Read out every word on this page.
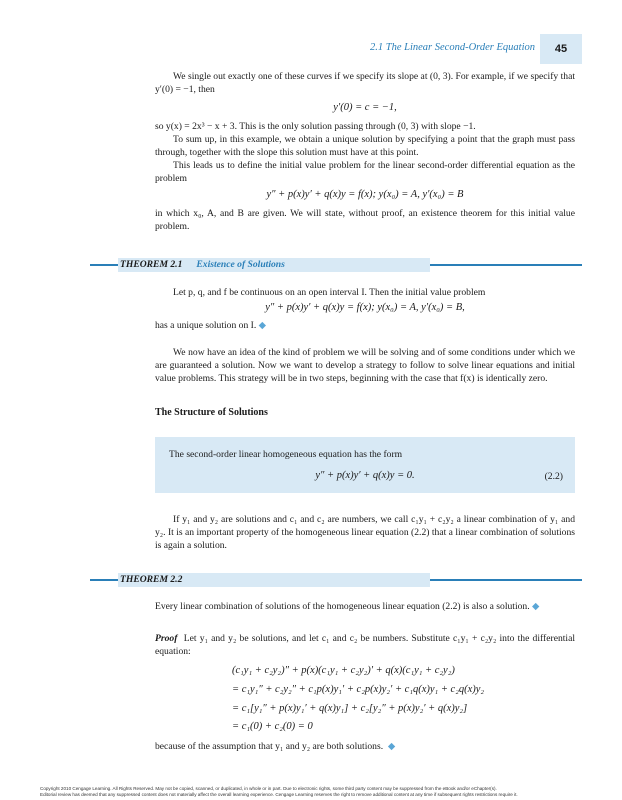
2.1 The Linear Second-Order Equation 45

We single out exactly one of these curves if we specify its slope at (0, 3). For example, if we specify that y′(0) = −1, then

y′(0) = c = −1,

so y(x) = 2x³ − x + 3. This is the only solution passing through (0, 3) with slope −1.

To sum up, in this example, we obtain a unique solution by specifying a point that the graph must pass through, together with the slope this solution must have at this point.

This leads us to define the initial value problem for the linear second-order differential equation as the problem

y″ + p(x)y′ + q(x)y = f(x); y(x₀) = A, y′(x₀) = B

in which x₀, A, and B are given. We will state, without proof, an existence theorem for this initial value problem.

THEOREM 2.1 Existence of Solutions

Let p, q, and f be continuous on an open interval I. Then the initial value problem

y″ + p(x)y′ + q(x)y = f(x); y(x₀) = A, y′(x₀) = B,

has a unique solution on I. ◆

We now have an idea of the kind of problem we will be solving and of some conditions under which we are guaranteed a solution. Now we want to develop a strategy to follow to solve linear equations and initial value problems. This strategy will be in two steps, beginning with the case that f(x) is identically zero.

The Structure of Solutions
The second-order linear homogeneous equation has the form
y″ + p(x)y′ + q(x)y = 0.	(2.2)

If y₁ and y₂ are solutions and c₁ and c₂ are numbers, we call c₁y₁ + c₂y₂ a linear combination of y₁ and y₂. It is an important property of the homogeneous linear equation (2.2) that a linear combination of solutions is again a solution.

THEOREM 2.2

Every linear combination of solutions of the homogeneous linear equation (2.2) is also a solution. ◆

Proof Let y₁ and y₂ be solutions, and let c₁ and c₂ be numbers. Substitute c₁y₁ + c₂y₂ into the differential equation:

(c₁y₁ + c₂y₂)″ + p(x)(c₁y₁ + c₂y₂)′ + q(x)(c₁y₁ + c₂y₂)

= c₁y₁″ + c₂y₂″ + c₁p(x)y₁′ + c₂p(x)y₂′ + c₁q(x)y₁ + c₂q(x)y₂

= c₁[y₁″ + p(x)y₁′ + q(x)y₁] + c₂[y₂″ + p(x)y₂′ + q(x)y₂]

= c₁(0) + c₂(0) = 0

because of the assumption that y₁ and y₂ are both solutions. ◆

Copyright 2010 Cengage Learning. All Rights Reserved. May not be copied, scanned, or duplicated, in whole or in part. Due to electronic rights, some third party content may be suppressed from the eBook and/or eChapter(s).

Editorial review has deemed that any suppressed content does not materially affect the overall learning experience. Cengage Learning reserves the right to remove additional content at any time if subsequent rights restrictions require it.
